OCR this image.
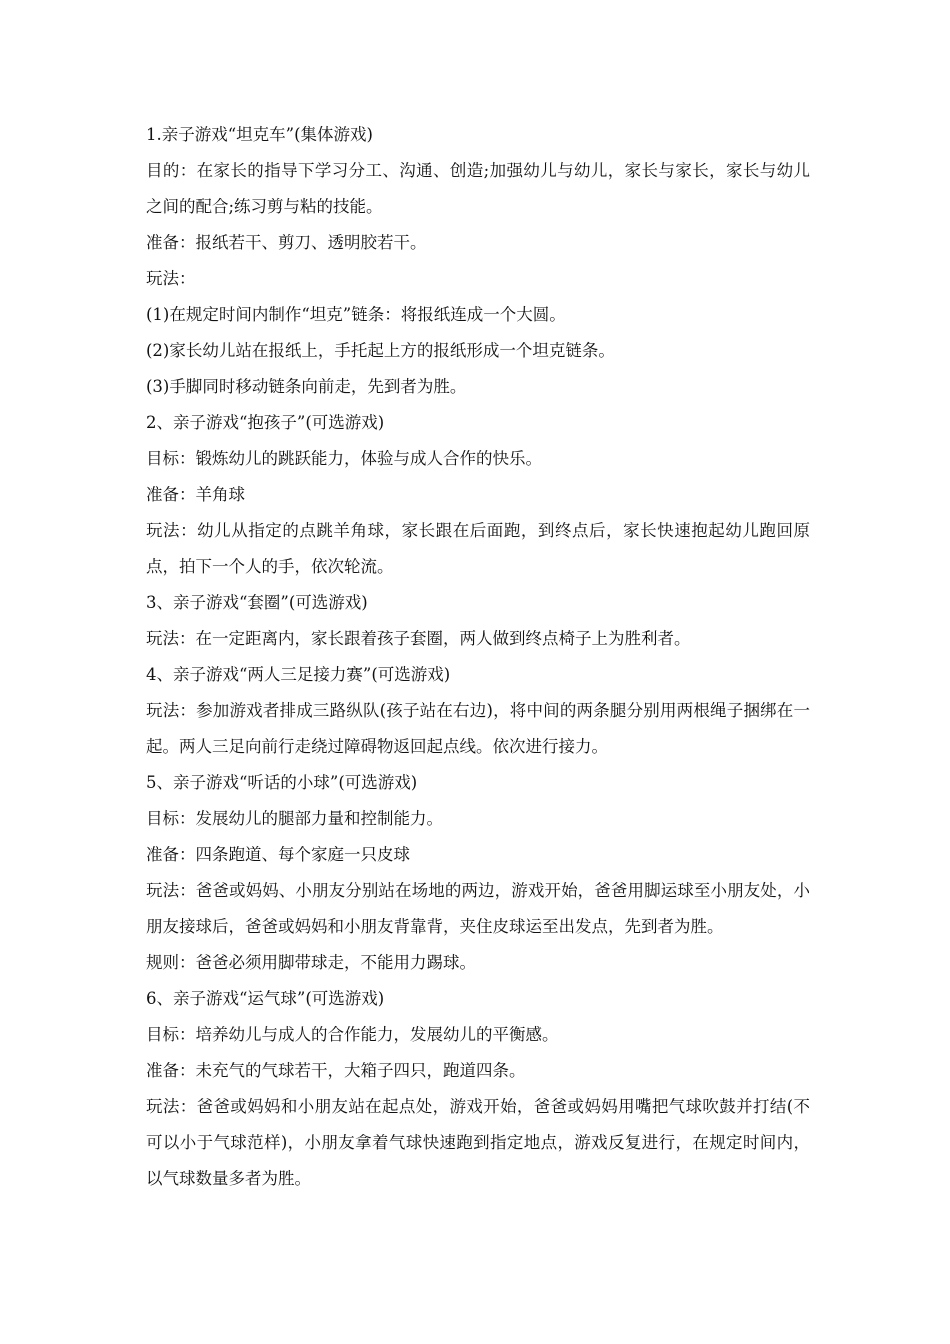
1.亲子游戏“坦克车”(集体游戏)

目的：在家长的指导下学习分工、沟通、创造;加强幼儿与幼儿，家长与家长，家长与幼儿之间的配合;练习剪与粘的技能。

准备：报纸若干、剪刀、透明胶若干。

玩法：

(1)在规定时间内制作“坦克”链条：将报纸连成一个大圆。

(2)家长幼儿站在报纸上，手托起上方的报纸形成一个坦克链条。

(3)手脚同时移动链条向前走，先到者为胜。

2、亲子游戏“抱孩子”(可选游戏)

目标：锻炼幼儿的跳跃能力，体验与成人合作的快乐。

准备：羊角球

玩法：幼儿从指定的点跳羊角球，家长跟在后面跑，到终点后，家长快速抱起幼儿跑回原点，拍下一个人的手，依次轮流。

3、亲子游戏“套圈”(可选游戏)

玩法：在一定距离内，家长跟着孩子套圈，两人做到终点椅子上为胜利者。

4、亲子游戏“两人三足接力赛”(可选游戏)

玩法：参加游戏者排成三路纵队(孩子站在右边)，将中间的两条腿分别用两根绳子捆绑在一起。两人三足向前行走绕过障碍物返回起点线。依次进行接力。

5、亲子游戏“听话的小球”(可选游戏)

目标：发展幼儿的腿部力量和控制能力。

准备：四条跑道、每个家庭一只皮球

玩法：爸爸或妈妈、小朋友分别站在场地的两边，游戏开始，爸爸用脚运球至小朋友处，小朋友接球后，爸爸或妈妈和小朋友背靠背，夹住皮球运至出发点，先到者为胜。

规则：爸爸必须用脚带球走，不能用力踢球。

6、亲子游戏“运气球”(可选游戏)

目标：培养幼儿与成人的合作能力，发展幼儿的平衡感。

准备：未充气的气球若干，大箱子四只，跑道四条。

玩法：爸爸或妈妈和小朋友站在起点处，游戏开始，爸爸或妈妈用嘴把气球吹鼓并打结(不可以小于气球范样)，小朋友拿着气球快速跑到指定地点，游戏反复进行，在规定时间内，以气球数量多者为胜。
